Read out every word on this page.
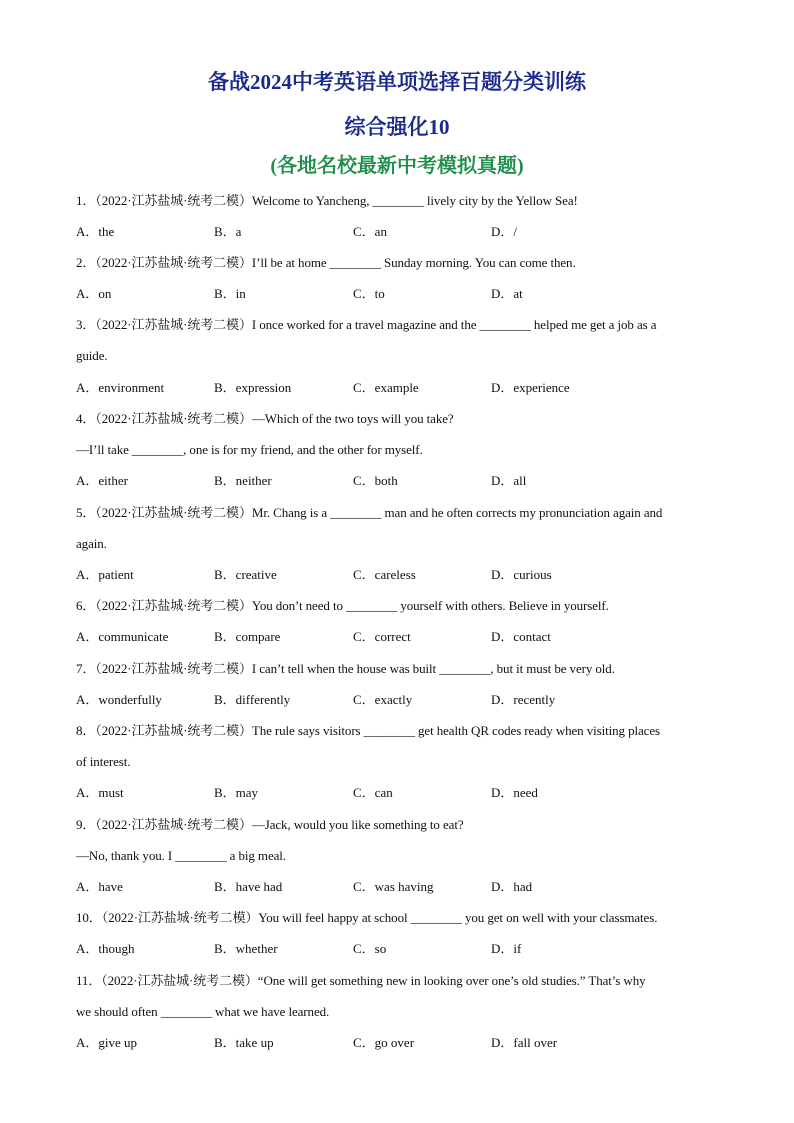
备战2024中考英语单项选择百题分类训练
综合强化10
(各地名校最新中考模拟真题)
1．（2022·江苏盐城·统考二模）Welcome to Yancheng, ________ lively city by the Yellow Sea!
A．the	B．a	C．an	D．/
2．（2022·江苏盐城·统考二模）I’ll be at home ________ Sunday morning. You can come then.
A．on	B．in	C．to	D．at
3．（2022·江苏盐城·统考二模）I once worked for a travel magazine and the ________ helped me get a job as a
guide.
A．environment	B．expression	C．example	D．experience
4．（2022·江苏盐城·统考二模）—Which of the two toys will you take?
—I’ll take ________, one is for my friend, and the other for myself.
A．either	B．neither	C．both	D．all
5．（2022·江苏盐城·统考二模）Mr. Chang is a ________ man and he often corrects my pronunciation again and
again.
A．patient	B．creative	C．careless	D．curious
6．（2022·江苏盐城·统考二模）You don’t need to ________ yourself with others. Believe in yourself.
A．communicate	B．compare	C．correct	D．contact
7．（2022·江苏盐城·统考二模）I can’t tell when the house was built ________, but it must be very old.
A．wonderfully	B．differently	C．exactly	D．recently
8．（2022·江苏盐城·统考二模）The rule says visitors ________ get health QR codes ready when visiting places
of interest.
A．must	B．may	C．can	D．need
9．（2022·江苏盐城·统考二模）—Jack, would you like something to eat?
—No, thank you. I ________ a big meal.
A．have	B．have had	C．was having	D．had
10．（2022·江苏盐城·统考二模）You will feel happy at school ________ you get on well with your classmates.
A．though	B．whether	C．so	D．if
11．（2022·江苏盐城·统考二模）“One will get something new in looking over one’s old studies.” That’s why
we should often ________ what we have learned.
A．give up	B．take up	C．go over	D．fall over
